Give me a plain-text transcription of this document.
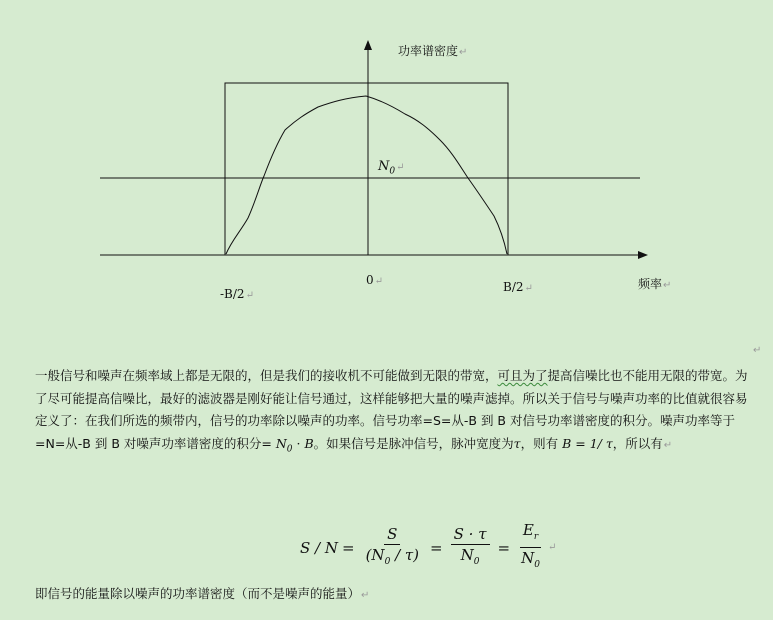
功率谱密度↵
$N_0↵$
0↵
-B/2↵
B/2↵	频率↵
↵

一般信号和噪声在频率域上都是无限的，但是我们的接收机不可能做到无限的带宽，可且为了提高信噪比也不能用无限的带宽。为了尽可能提高信噪比，最好的滤波器是刚好能让信号通过，这样能够把大量的噪声滤掉。所以关于信号与噪声功率的比值就很容易定义了：在我们所选的频带内，信号的功率除以噪声的功率。信号功率=S=从-B 到 B 对信号功率谱密度的积分。噪声功率等于=N=从-B 到 B 对噪声功率谱密度的积分= $N_0 \cdot B$。如果信号是脉冲信号，脉冲宽度为τ，则有 B = 1/ τ，所以有↵

$S / N = \frac{S}{(N_0 / \tau)} = \frac{S \cdot \tau}{N_0} = \frac{E_r}{N_0}$ ↵
即信号的能量除以噪声的功率谱密度（而不是噪声的能量）↵
